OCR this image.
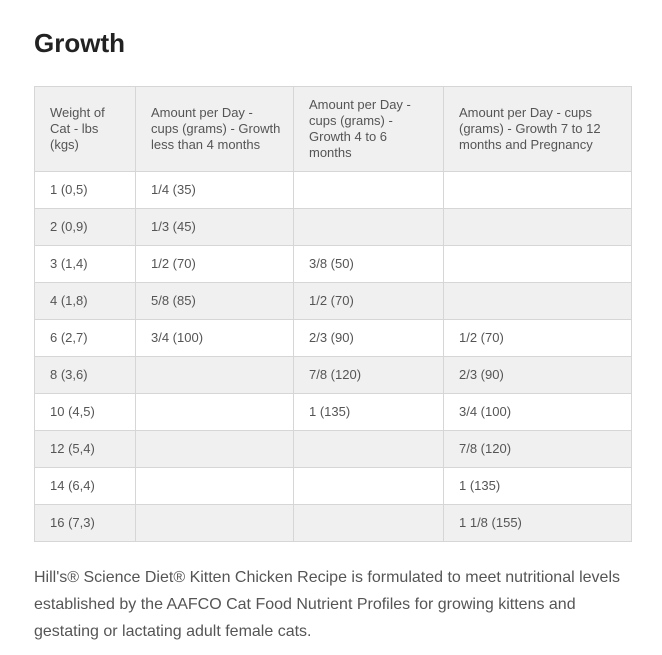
Growth
Weight of Cat - lbs (kgs)	Amount per Day - cups (grams) - Growth less than 4 months	Amount per Day - cups (grams) - Growth 4 to 6 months	Amount per Day - cups (grams) - Growth 7 to 12 months and Pregnancy
1 (0,5)	1/4 (35)		
2 (0,9)	1/3 (45)		
3 (1,4)	1/2 (70)	3/8 (50)	
4 (1,8)	5/8 (85)	1/2 (70)	
6 (2,7)	3/4 (100)	2/3 (90)	1/2 (70)
8 (3,6)		7/8 (120)	2/3 (90)
10 (4,5)		1 (135)	3/4 (100)
12 (5,4)			7/8 (120)
14 (6,4)			1 (135)
16 (7,3)			1 1/8 (155)

Hill's® Science Diet® Kitten Chicken Recipe is formulated to meet nutritional levels established by the AAFCO Cat Food Nutrient Profiles for growing kittens and gestating or lactating adult female cats.
